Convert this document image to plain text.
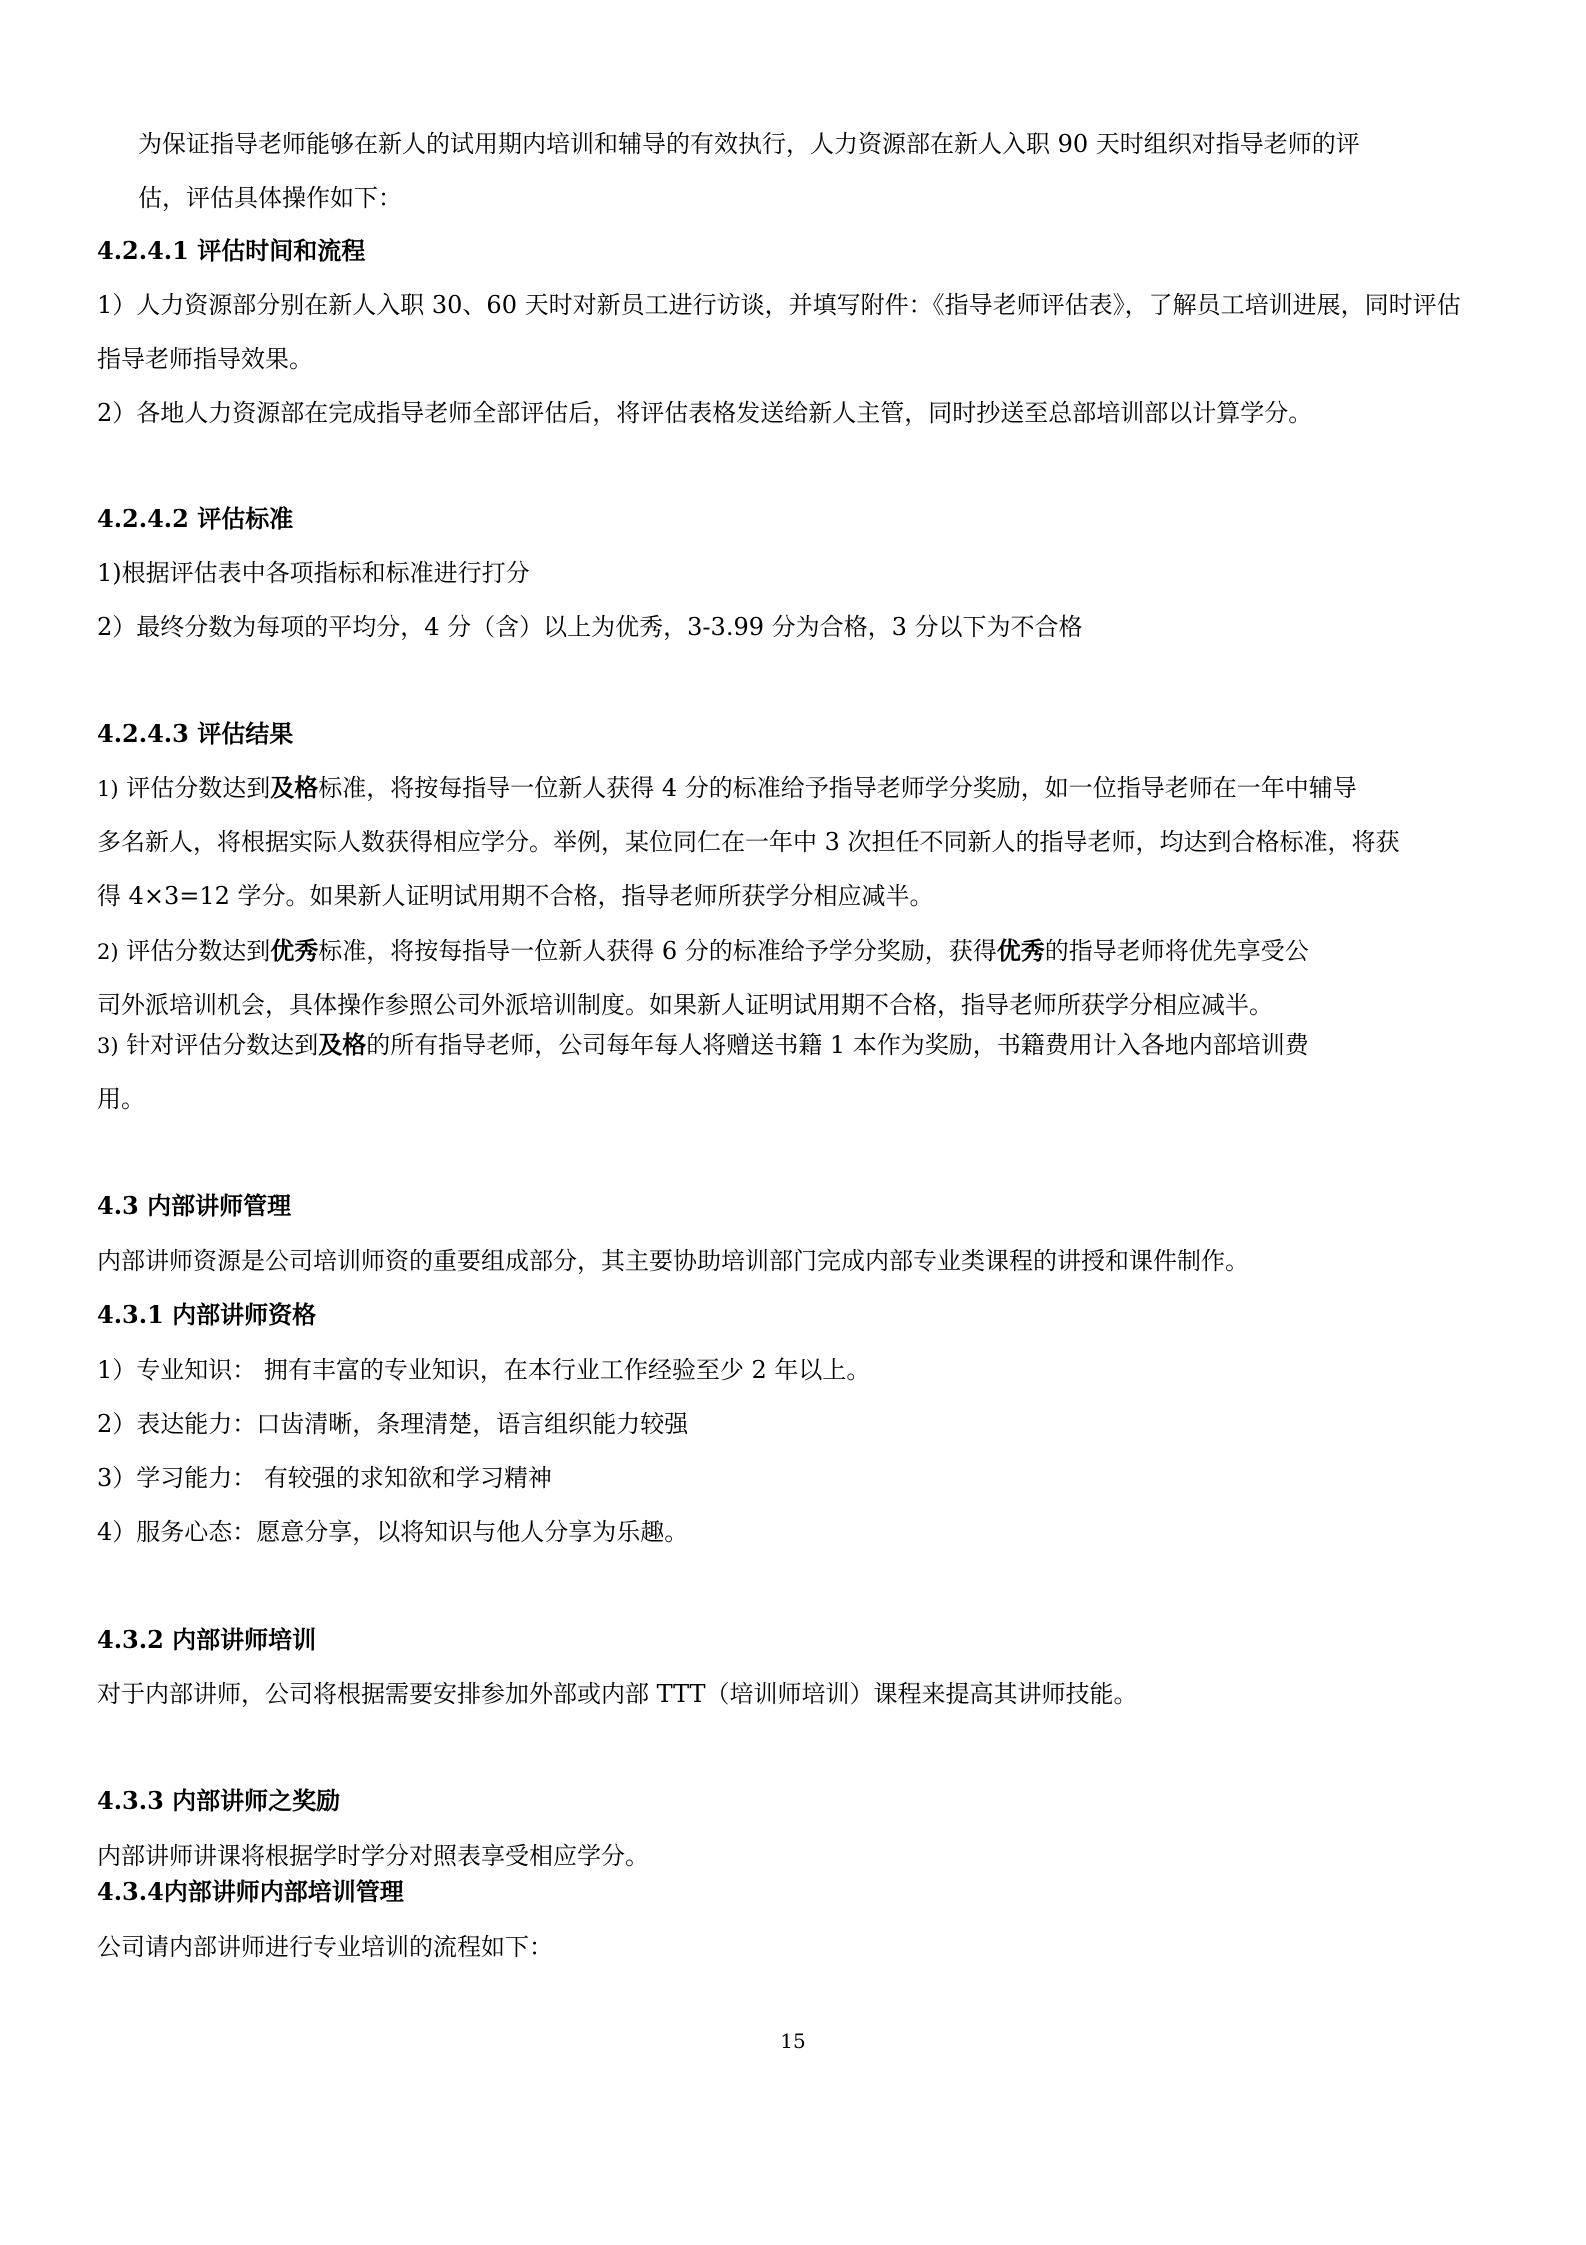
为保证指导老师能够在新人的试用期内培训和辅导的有效执行，人力资源部在新人入职 90 天时组织对指导老师的评
估，评估具体操作如下：
4.2.4.1 评估时间和流程
1）人力资源部分别在新人入职 30、60 天时对新员工进行访谈，并填写附件：《指导老师评估表》，了解员工培训进展，同时评估
指导老师指导效果。
2）各地人力资源部在完成指导老师全部评估后，将评估表格发送给新人主管，同时抄送至总部培训部以计算学分。
4.2.4.2 评估标准
1)根据评估表中各项指标和标准进行打分
2）最终分数为每项的平均分，4 分（含）以上为优秀，3-3.99 分为合格，3 分以下为不合格
4.2.4.3 评估结果
1) 评估分数达到及格标准，将按每指导一位新人获得 4 分的标准给予指导老师学分奖励，如一位指导老师在一年中辅导
多名新人，将根据实际人数获得相应学分。举例，某位同仁在一年中 3 次担任不同新人的指导老师，均达到合格标准，将获
得 4×3=12 学分。如果新人证明试用期不合格，指导老师所获学分相应减半。
2) 评估分数达到优秀标准，将按每指导一位新人获得 6 分的标准给予学分奖励，获得优秀的指导老师将优先享受公
司外派培训机会，具体操作参照公司外派培训制度。如果新人证明试用期不合格，指导老师所获学分相应减半。
3) 针对评估分数达到及格的所有指导老师，公司每年每人将赠送书籍 1 本作为奖励，书籍费用计入各地内部培训费
用。
4.3 内部讲师管理
内部讲师资源是公司培训师资的重要组成部分，其主要协助培训部门完成内部专业类课程的讲授和课件制作。
4.3.1 内部讲师资格
1）专业知识： 拥有丰富的专业知识，在本行业工作经验至少 2 年以上。
2）表达能力：口齿清晰，条理清楚，语言组织能力较强
3）学习能力： 有较强的求知欲和学习精神
4）服务心态：愿意分享，以将知识与他人分享为乐趣。
4.3.2 内部讲师培训
对于内部讲师，公司将根据需要安排参加外部或内部 TTT（培训师培训）课程来提高其讲师技能。
4.3.3 内部讲师之奖励
内部讲师讲课将根据学时学分对照表享受相应学分。
4.3.4内部讲师内部培训管理
公司请内部讲师进行专业培训的流程如下：
15
